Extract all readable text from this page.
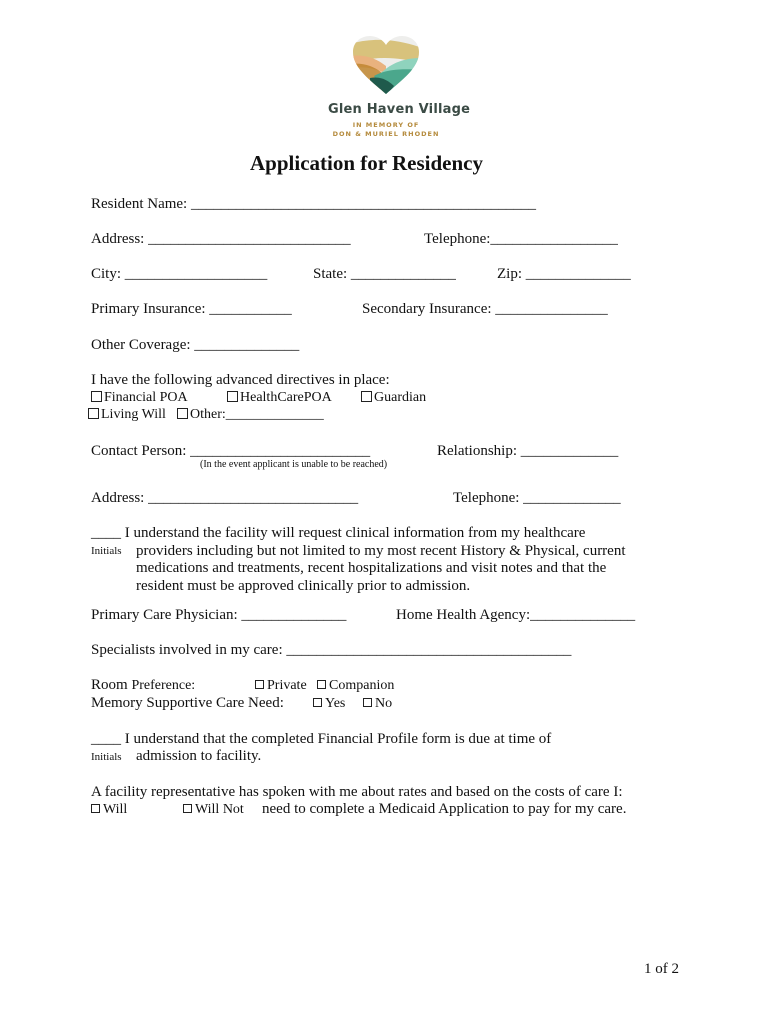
Glen Haven Village
IN MEMORY OF
DON & MURIEL RHODEN
Application for Residency
Resident Name: ______________________________________________
Address: ___________________________	Telephone:_________________
City: ___________________	State: ______________	Zip: ______________
Primary Insurance: ___________	Secondary Insurance: _______________
Other Coverage: ______________
I have the following advanced directives in place:
Financial POA	HealthCarePOA	Guardian
Living Will	Other:______________
Contact Person: ________________________	Relationship: _____________
(In the event applicant is unable to be reached)
Address: ____________________________	Telephone: _____________
____ I understand the facility will request clinical information from my healthcare
Initials providers including but not limited to my most recent History & Physical, current
medications and treatments, recent hospitalizations and visit notes and that the
resident must be approved clinically prior to admission.
Primary Care Physician: ______________	Home Health Agency:______________
Specialists involved in my care: ______________________________________
Room Preference:	Private	Companion
Memory Supportive Care Need:	Yes	No
____ I understand that the completed Financial Profile form is due at time of
Initials admission to facility.
A facility representative has spoken with me about rates and based on the costs of care I:
Will	Will Not need to complete a Medicaid Application to pay for my care.
1 of 2
